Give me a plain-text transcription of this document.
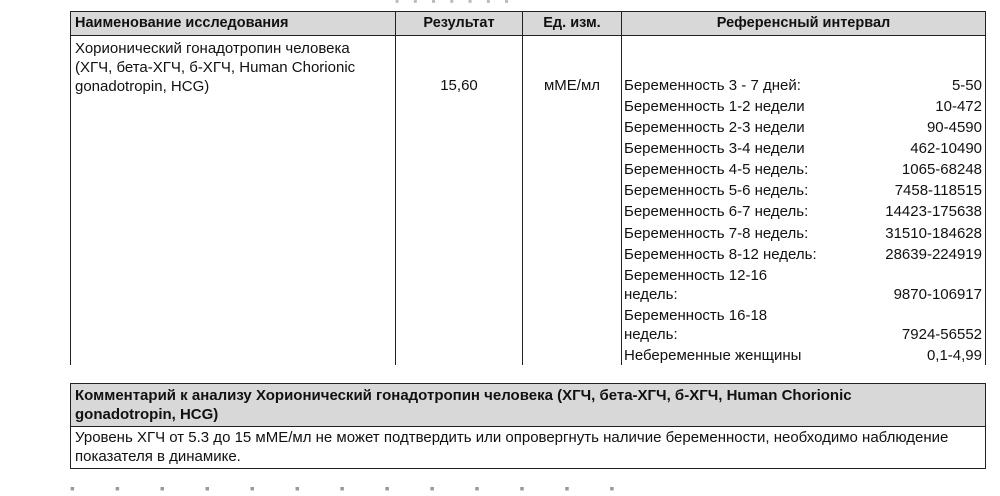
▪▪▪▪▪▪▪
Наименование исследования	Результат	Ед. изм.	Референсный интервал
Хорионический гонадотропин человека (ХГЧ, бета-ХГЧ, б-ХГЧ, Human Chorionic gonadotropin, HCG)	15,60	мМЕ/мл	Беременность 3 - 7 дней:	5-50
Беременность 1-2 недели	10-472
Беременность 2-3 недели	90-4590
Беременность 3-4 недели	462-10490
Беременность 4-5 недель:	1065-68248
Беременность 5-6 недель:	7458-118515
Беременность 6-7 недель:	14423-175638
Беременность 7-8 недель:	31510-184628
Беременность 8-12 недель:	28639-224919
Беременность 12-16 недель:	9870-106917
Беременность 16-18 недель:	7924-56552
Небеременные женщины	0,1-4,99
Комментарий к анализу Хорионический гонадотропин человека (ХГЧ, бета-ХГЧ, б-ХГЧ, Human Chorionic gonadotropin, HCG)
Уровень ХГЧ от 5.3 до 15 мМЕ/мл не может подтвердить или опровергнуть наличие беременности, необходимо наблюдение показателя в динамике.
▪▪▪▪▪▪▪▪▪▪▪▪▪
